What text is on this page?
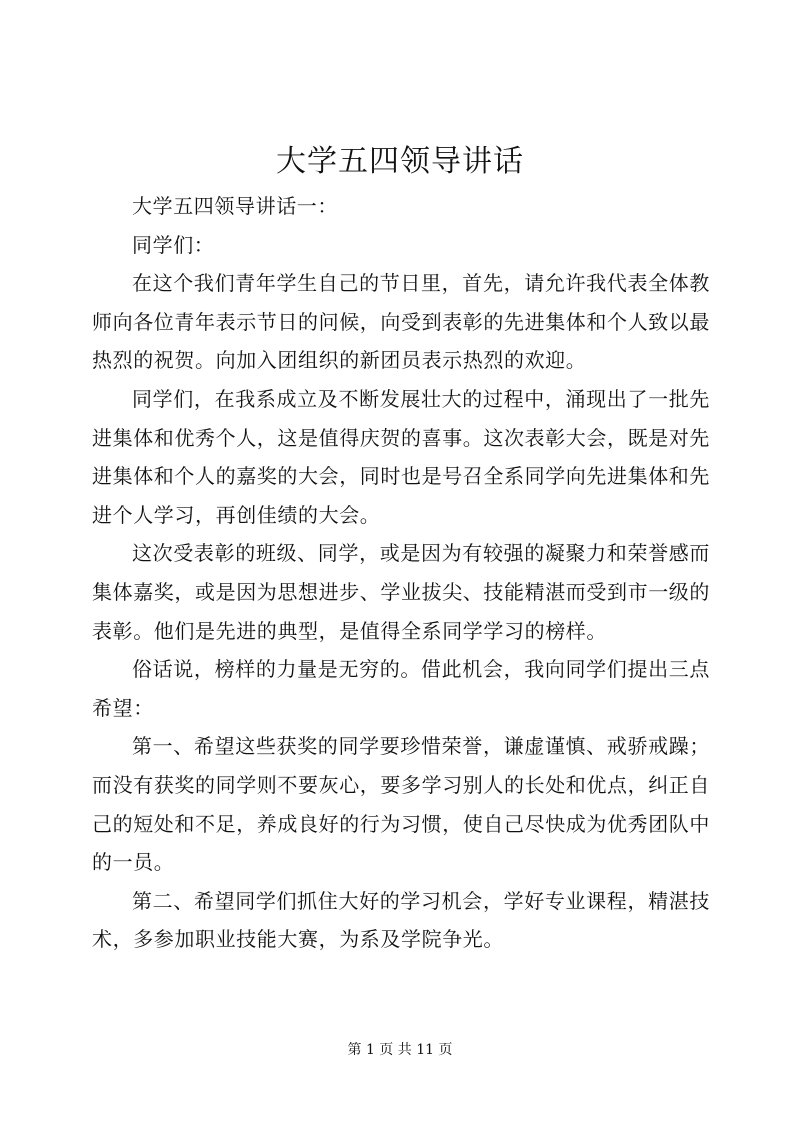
大学五四领导讲话

大学五四领导讲话一：

同学们：

在这个我们青年学生自己的节日里，首先，请允许我代表全体教师向各位青年表示节日的问候，向受到表彰的先进集体和个人致以最热烈的祝贺。向加入团组织的新团员表示热烈的欢迎。

同学们，在我系成立及不断发展壮大的过程中，涌现出了一批先进集体和优秀个人，这是值得庆贺的喜事。这次表彰大会，既是对先进集体和个人的嘉奖的大会，同时也是号召全系同学向先进集体和先进个人学习，再创佳绩的大会。

这次受表彰的班级、同学，或是因为有较强的凝聚力和荣誉感而集体嘉奖，或是因为思想进步、学业拔尖、技能精湛而受到市一级的表彰。他们是先进的典型，是值得全系同学学习的榜样。

俗话说，榜样的力量是无穷的。借此机会，我向同学们提出三点希望：

第一、希望这些获奖的同学要珍惜荣誉，谦虚谨慎、戒骄戒躁；而没有获奖的同学则不要灰心，要多学习别人的长处和优点，纠正自己的短处和不足，养成良好的行为习惯，使自己尽快成为优秀团队中的一员。

第二、希望同学们抓住大好的学习机会，学好专业课程，精湛技术，多参加职业技能大赛，为系及学院争光。

第 1 页 共 11 页
